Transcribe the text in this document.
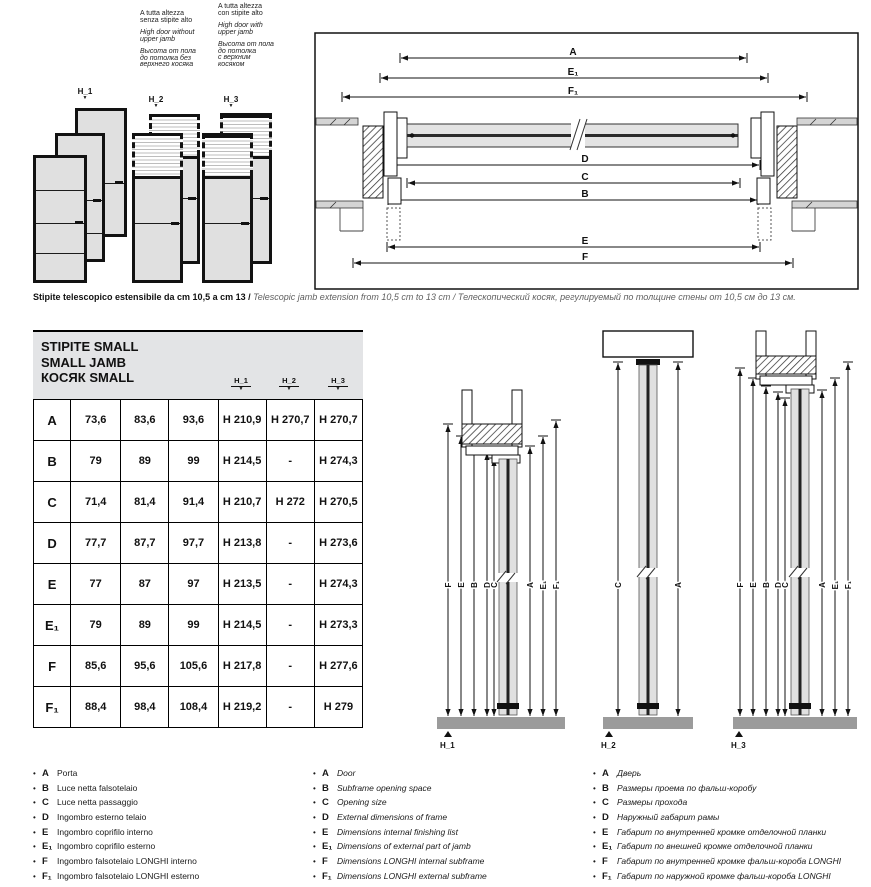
A
E₁
F₁
D
C
B
E
F
F E B D
C	A E₁ F₁	C	A	F E B D
C	A E₁ F₁
H_1	H_2	H_3
A tutta altezza
senza stipite alto
High door without
upper jamb
Высота от пола
до потолка без
верхнего косяка
A tutta altezza
con stipite alto
High door with
upper jamb
Высота от пола
до потолка
с верхним
косяком
H_1
▼	H_2
▼
H_3
▼
Stipite telescopico estensibile da cm 10,5 a cm 13 / Telescopic jamb extension from 10,5 cm to 13 cm / Телескопический косяк, регулируемый по толщине стены от 10,5 см до 13 см.
STIPITE SMALL
SMALL JAMB
КОСЯК SMALL	H_1
▼
H_2
▼
H_3
▼
A	73,6	83,6	93,6	H 210,9	H 270,7	H 270,7
B	79	89	99	H 214,5	-	H 274,3
C	71,4	81,4	91,4	H 210,7	H 272	H 270,5
D	77,7	87,7	97,7	H 213,8	-	H 273,6
E	77	87	97	H 213,5	-	H 274,3
E₁	79	89	99	H 214,5	-	H 273,3
F	85,6	95,6	105,6	H 217,8	-	H 277,6
F₁	88,4	98,4	108,4	H 219,2	-	H 279
• A Porta
• B Luce netta falsotelaio
• C Luce netta passaggio
• D Ingombro esterno telaio
• E	Ingombro coprifilo interno
• E₁ Ingombro coprifilo esterno
• F	Ingombro falsotelaio LONGHI interno
• F₁ Ingombro falsotelaio LONGHI esterno
• A Door
• B Subframe opening space
• C Opening size
• D External dimensions of frame
• E	Dimensions internal finishing list
• E₁ Dimensions of external part of jamb
• F	Dimensions LONGHI internal subframe
• F₁ Dimensions LONGHI external subframe
• A Дверь
• B Размеры проема по фальш-коробу
• C Размеры прохода
• D Наружный габарит рамы
• E	Габарит по внутренней кромке отделочной планки
• E₁ Габарит по внешней кромке отделочной планки
• F	Габарит по внутренней кромке фальш-короба LONGHI
• F₁ Габарит по наружной кромке фальш-короба LONGHI
